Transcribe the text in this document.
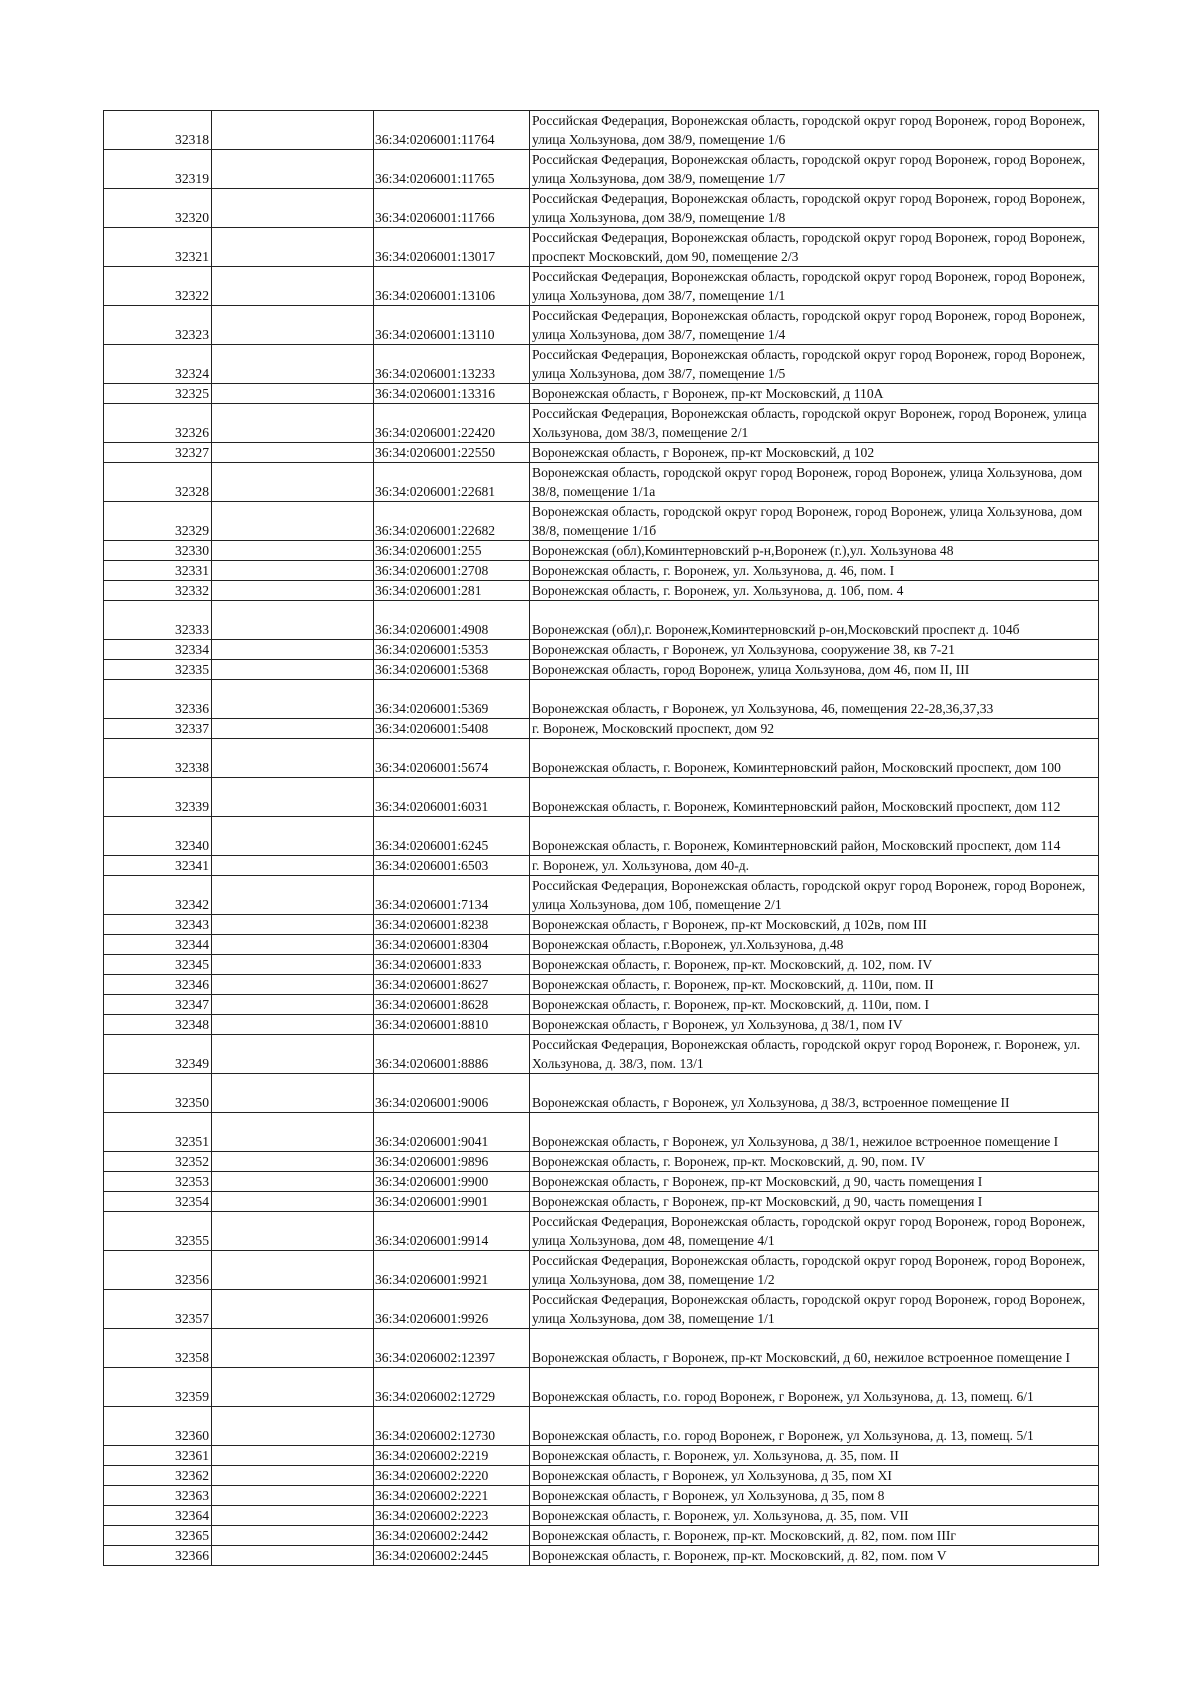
32318		36:34:0206001:11764	Российская Федерация, Воронежская область, городской округ город Воронеж, город Воронеж, улица Хользунова, дом 38/9, помещение 1/6
32319		36:34:0206001:11765	Российская Федерация, Воронежская область, городской округ город Воронеж, город Воронеж, улица Хользунова, дом 38/9, помещение 1/7
32320		36:34:0206001:11766	Российская Федерация, Воронежская область, городской округ город Воронеж, город Воронеж, улица Хользунова, дом 38/9, помещение 1/8
32321		36:34:0206001:13017	Российская Федерация, Воронежская область, городской округ город Воронеж, город Воронеж, проспект Московский, дом 90, помещение 2/3
32322		36:34:0206001:13106	Российская Федерация, Воронежская область, городской округ город Воронеж, город Воронеж, улица Хользунова, дом 38/7, помещение 1/1
32323		36:34:0206001:13110	Российская Федерация, Воронежская область, городской округ город Воронеж, город Воронеж, улица Хользунова, дом 38/7, помещение 1/4
32324		36:34:0206001:13233	Российская Федерация, Воронежская область, городской округ город Воронеж, город Воронеж, улица Хользунова, дом 38/7, помещение 1/5
32325		36:34:0206001:13316	Воронежская область, г Воронеж, пр-кт Московский, д 110А
32326		36:34:0206001:22420	Российская Федерация, Воронежская область, городской округ Воронеж, город Воронеж, улица Хользунова, дом 38/3, помещение 2/1
32327		36:34:0206001:22550	Воронежская область, г Воронеж, пр-кт Московский, д 102
32328		36:34:0206001:22681	Воронежская область, городской округ город Воронеж, город Воронеж, улица Хользунова, дом 38/8, помещение 1/1а
32329		36:34:0206001:22682	Воронежская область, городской округ город Воронеж, город Воронеж, улица Хользунова, дом 38/8, помещение 1/1б
32330		36:34:0206001:255	Воронежская (обл),Коминтерновский р-н,Воронеж (г.),ул. Хользунова 48
32331		36:34:0206001:2708	Воронежская область, г. Воронеж, ул. Хользунова, д. 46, пом. I
32332		36:34:0206001:281	Воронежская область, г. Воронеж, ул. Хользунова, д. 10б, пом. 4
32333		36:34:0206001:4908	Воронежская (обл),г. Воронеж,Коминтерновский р-он,Московский проспект д. 104б
32334		36:34:0206001:5353	Воронежская область, г Воронеж, ул Хользунова, сооружение 38, кв 7-21
32335		36:34:0206001:5368	Воронежская область, город Воронеж, улица Хользунова, дом 46, пом II, III
32336		36:34:0206001:5369	Воронежская область, г Воронеж, ул Хользунова, 46, помещения 22-28,36,37,33
32337		36:34:0206001:5408	г. Воронеж, Московский проспект, дом 92
32338		36:34:0206001:5674	Воронежская область, г. Воронеж, Коминтерновский район, Московский проспект, дом 100
32339		36:34:0206001:6031	Воронежская область, г. Воронеж, Коминтерновский район, Московский проспект, дом 112
32340		36:34:0206001:6245	Воронежская область, г. Воронеж, Коминтерновский район, Московский проспект, дом 114
32341		36:34:0206001:6503	г. Воронеж, ул. Хользунова, дом 40-д.
32342		36:34:0206001:7134	Российская Федерация, Воронежская область, городской округ город Воронеж, город Воронеж, улица Хользунова, дом 10б, помещение 2/1
32343		36:34:0206001:8238	Воронежская область, г Воронеж, пр-кт Московский, д 102в, пом III
32344		36:34:0206001:8304	Воронежская область, г.Воронеж, ул.Хользунова, д.48
32345		36:34:0206001:833	Воронежская область, г. Воронеж, пр-кт. Московский, д. 102, пом. IV
32346		36:34:0206001:8627	Воронежская область, г. Воронеж, пр-кт. Московский, д. 110и, пом. II
32347		36:34:0206001:8628	Воронежская область, г. Воронеж, пр-кт. Московский, д. 110и, пом. I
32348		36:34:0206001:8810	Воронежская область, г Воронеж, ул Хользунова, д 38/1, пом IV
32349		36:34:0206001:8886	Российская Федерация, Воронежская область, городской округ город Воронеж, г. Воронеж, ул. Хользунова, д. 38/3, пом. 13/1
32350		36:34:0206001:9006	Воронежская область, г Воронеж, ул Хользунова, д 38/3, встроенное помещение II
32351		36:34:0206001:9041	Воронежская область, г Воронеж, ул Хользунова, д 38/1, нежилое встроенное помещение I
32352		36:34:0206001:9896	Воронежская область, г. Воронеж, пр-кт. Московский, д. 90, пом. IV
32353		36:34:0206001:9900	Воронежская область, г Воронеж, пр-кт Московский, д 90, часть помещения I
32354		36:34:0206001:9901	Воронежская область, г Воронеж, пр-кт Московский, д 90, часть помещения I
32355		36:34:0206001:9914	Российская Федерация, Воронежская область, городской округ город Воронеж, город Воронеж, улица Хользунова, дом 48, помещение 4/1
32356		36:34:0206001:9921	Российская Федерация, Воронежская область, городской округ город Воронеж, город Воронеж, улица Хользунова, дом 38, помещение 1/2
32357		36:34:0206001:9926	Российская Федерация, Воронежская область, городской округ город Воронеж, город Воронеж, улица Хользунова, дом 38, помещение 1/1
32358		36:34:0206002:12397	Воронежская область, г Воронеж, пр-кт Московский, д 60, нежилое встроенное помещение I
32359		36:34:0206002:12729	Воронежская область, г.о. город Воронеж, г Воронеж, ул Хользунова, д. 13, помещ. 6/1
32360		36:34:0206002:12730	Воронежская область, г.о. город Воронеж, г Воронеж, ул Хользунова, д. 13, помещ. 5/1
32361		36:34:0206002:2219	Воронежская область, г. Воронеж, ул. Хользунова, д. 35, пом. II
32362		36:34:0206002:2220	Воронежская область, г Воронеж, ул Хользунова, д 35, пом XI
32363		36:34:0206002:2221	Воронежская область, г Воронеж, ул Хользунова, д 35, пом 8
32364		36:34:0206002:2223	Воронежская область, г. Воронеж, ул. Хользунова, д. 35, пом. VII
32365		36:34:0206002:2442	Воронежская область, г. Воронеж, пр-кт. Московский, д. 82, пом. пом IIIг
32366		36:34:0206002:2445	Воронежская область, г. Воронеж, пр-кт. Московский, д. 82, пом. пом V
